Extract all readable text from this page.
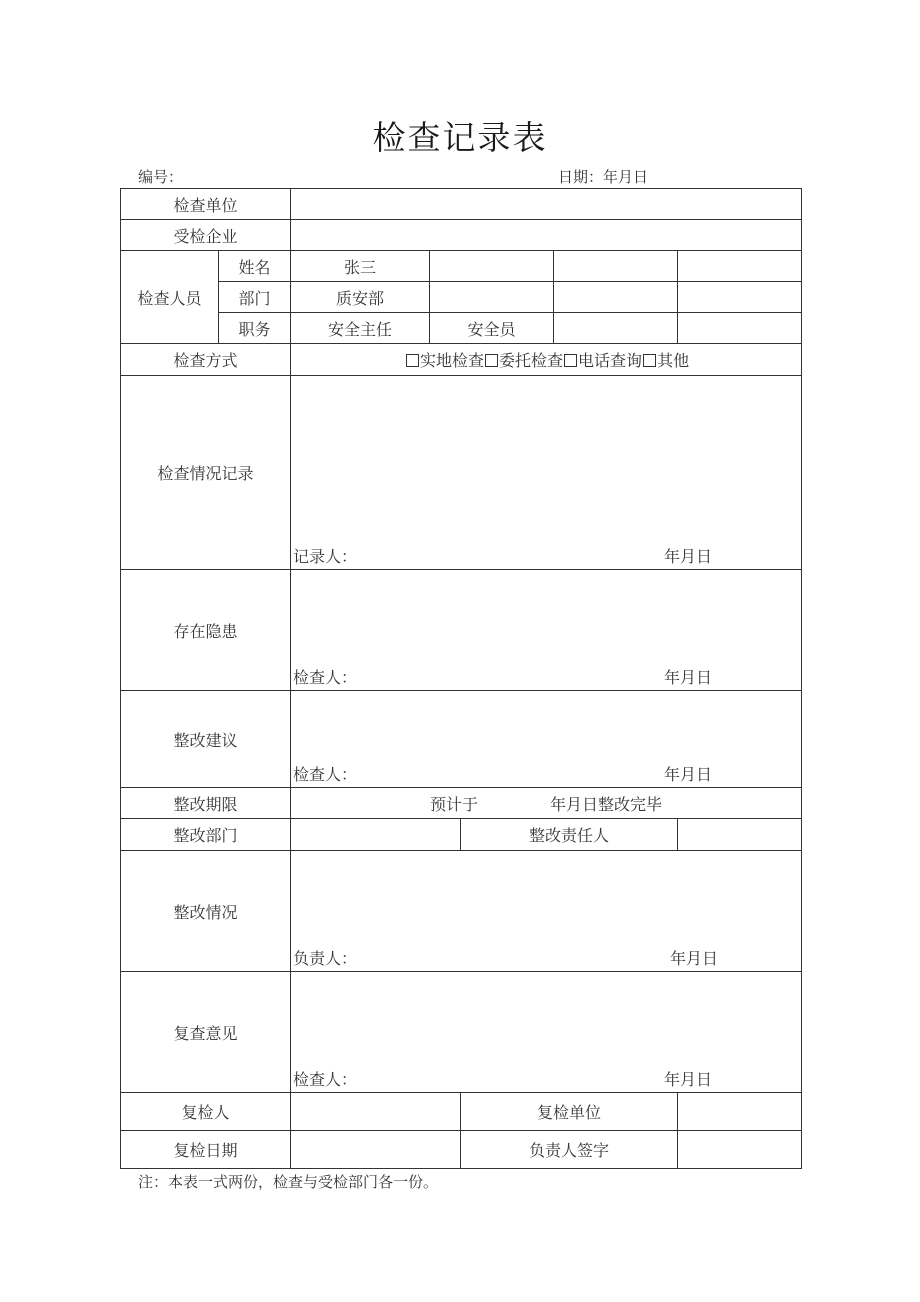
检查记录表
编号：	日期：年月日
检查单位						
受检企业						
检查人员	姓名	张三				
	部门	质安部				
	职务	安全主任	安全员			
检查方式		实地检查 委托检查 电话查询 其他				
检查情况记录		记录人： 年月日				

存在隐患		检查人： 年月日				

整改建议		检查人： 年月日				

整改期限		预计于 年月日整改完毕				
整改部门				整改责任人		
整改情况		负责人： 年月日				

复查意见		检查人： 年月日				

复检人				复检单位		
复检日期				负责人签字		
注：本表一式两份，检查与受检部门各一份。
